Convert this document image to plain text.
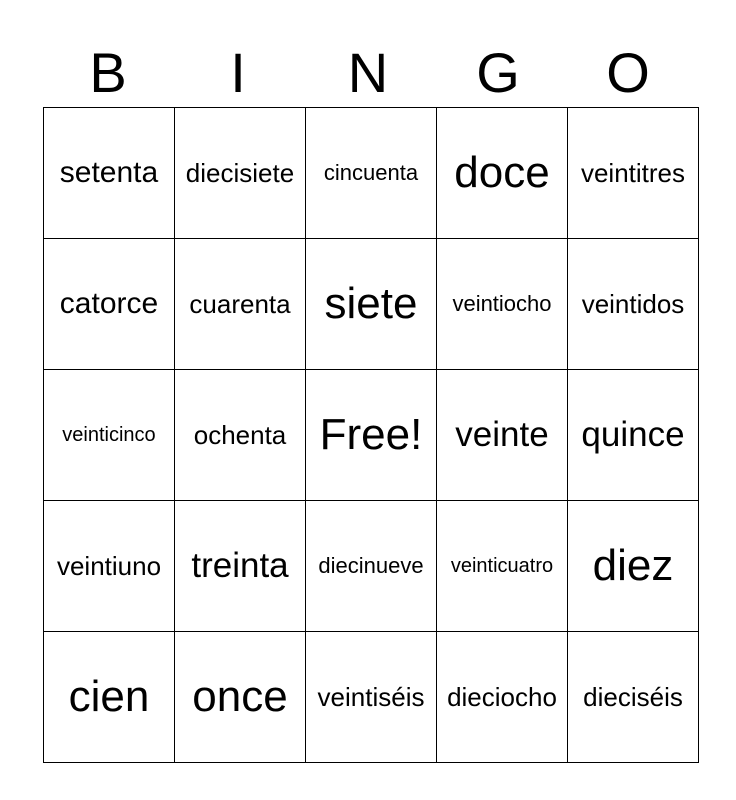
B	I	N	G	O
setenta	diecisiete	cincuenta	doce	veintitres
catorce	cuarenta	siete	veintiocho	veintidos
veinticinco	ochenta	Free!	veinte	quince
veintiuno	treinta	diecinueve	veinticuatro	diez
cien	once	veintiséis	dieciocho	dieciséis
